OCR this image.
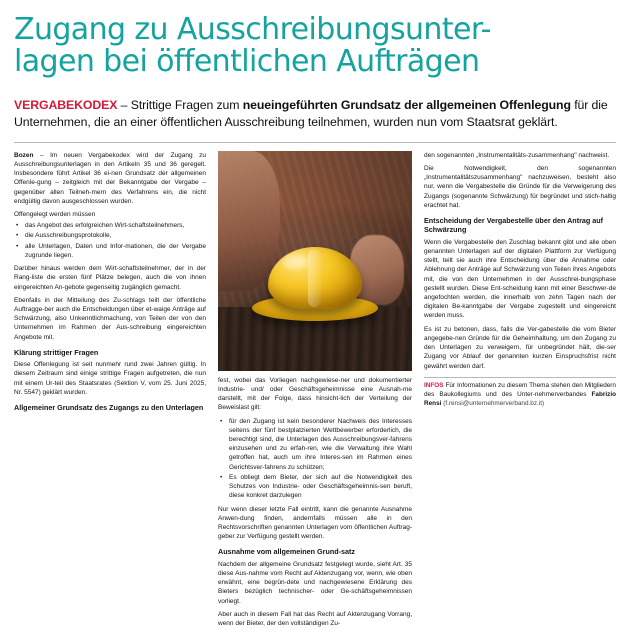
Zugang zu Ausschreibungsunter-
lagen bei öffentlichen Aufträgen
VERGABEKODEX – Strittige Fragen zum neueingeführten Grundsatz der allgemeinen Offenlegung für die Unternehmen, die an einer öffentlichen Ausschreibung teilnehmen, wurden nun vom Staatsrat geklärt.

Bozen – Im neuen Vergabekodex wird der Zugang zu Ausschreibungsunterlagen in den Artikeln 35 und 36 geregelt. Insbesondere führt Artikel 36 ei-nen Grundsatz der allgemeinen Offenle-gung – zeitgleich mit der Bekanntgabe der Vergabe – gegenüber allen Teilneh-mern des Verfahrens ein, die nicht endgültig davon ausgeschlossen wurden.

Offengelegt werden müssen

• das Angebot des erfolgreichen Wirt-schaftsteilnehmers,
• die Ausschreibungsprotokolle,
• alle Unterlagen, Daten und Infor-mationen, die der Vergabe zugrunde liegen.

Darüber hinaus werden dem Wirt-schaftsteilnehmer, der in der Rang-liste die ersten fünf Plätze belegen, auch die von ihnen eingereichten An-gebote gegenseitig zugänglich gemacht.

Ebenfalls in der Mitteilung des Zu-schlags teilt der öffentliche Auftragge-ber auch die Entscheidungen über et-waige Anträge auf Schwärzung, also Unkenntlichmachung, von Teilen der von den Unternehmen im Rahmen der Aus-schreibung eingereichten Angebote mit.

Klärung strittiger Fragen

Diese Offenlegung ist seit nunmehr rund zwei Jahren gültig. In diesem Zeitraum sind einige strittige Fragen aufgetreten, die nun mit einem Ur-teil des Staatsrates (Sektion V, vom 25. Juni 2025, Nr. 5547) geklärt wurden.

Allgemeiner Grundsatz des Zugangs zu den Unterlagen

fest, wobei das Vorliegen nachgewiese-ner und dokumentierter Industrie- und/ oder Geschäftsgeheimnisse eine Ausnah-me darstellt, mit der Folge, dass hinsicht-lich der Verteilung der Beweislast gilt:

• für den Zugang ist kein besonderer Nachweis des Interesses seitens der fünf bestplatzierten Wettbewerber erforderlich, die berechtigt sind, die Unterlagen des Ausschreibungsver-fahrens einzusehen und zu erfah-ren, wie die Verwaltung ihre Wahl getroffen hat, auch um ihre Interes-sen im Rahmen eines Gerichtsver-fahrens zu schützen;
• Es obliegt dem Bieter, der sich auf die Notwendigkeit des Schutzes von Industrie- oder Geschäftsgeheimnis-sen beruft, diese konkret darzulegen

Nur wenn dieser letzte Fall eintritt, kann die genannte Ausnahme Anwen-dung finden, andernfalls müssen alle in den Rechtsvorschriften genannten Unterlagen vom öffentlichen Auftrag-geber zur Verfügung gestellt werden.

Ausnahme vom allgemeinen Grund-satz

Nachdem der allgemeine Grundsatz festgelegt wurde, sieht Art. 35 diese Aus-nahme vom Recht auf Aktenzugang vor, wenn, wie oben erwähnt, eine begrün-dete und nachgewiesene Erklärung des Bieters bezüglich technischer- oder Ge-schäftsgeheimnissen vorliegt.

Aber auch in diesem Fall hat das Recht auf Aktenzugang Vorrang, wenn der Bieter, der den vollständigen Zu-

den sogenannten „Instrumentalitäts-zusammenhang" nachweist.

Die Notwendigkeit, den sogenannten „Instrumentalitätszusammenhang" nachzuweisen, besteht also nur, wenn die Vergabestelle die Gründe für die Verweigerung des Zugangs (sogenannte Schwärzung) für begründet und stich-haltig erachtet hat.

Entscheidung der Vergabestelle über den Antrag auf Schwärzung

Wenn die Vergabestelle den Zuschlag bekannt gibt und alle oben genannten Unterlagen auf der digitalen Plattform zur Verfügung stellt, teilt sie auch ihre Entscheidung über die Annahme oder Ablehnung der Anträge auf Schwärzung von Teilen ihres Angebots mit, die von den Unternehmen in der Ausschrei-bungsphase gestellt wurden. Diese Ent-scheidung kann mit einer Beschwer-de angefochten werden, die innerhalb von zehn Tagen nach der digitalen Be-kanntgabe der Vergabe zugestellt und eingereicht werden muss.

Es ist zu betonen, dass, falls die Ver-gabestelle die vom Bieter angegebe-nen Gründe für die Geheimhaltung, um den Zugang zu den Unterlagen zu verweigern, für unbegründet hält, die-ser Zugang vor Ablauf der genannten kurzen Einspruchsfrist nicht gewährt werden darf.

INFOS Für Informationen zu diesem Thema stehen den Mitgliedern des Baukollegiums und des Unter-nehmerverbandes Fabrizio Rensi (f.rensi@unternehmerverband.bz.it)
